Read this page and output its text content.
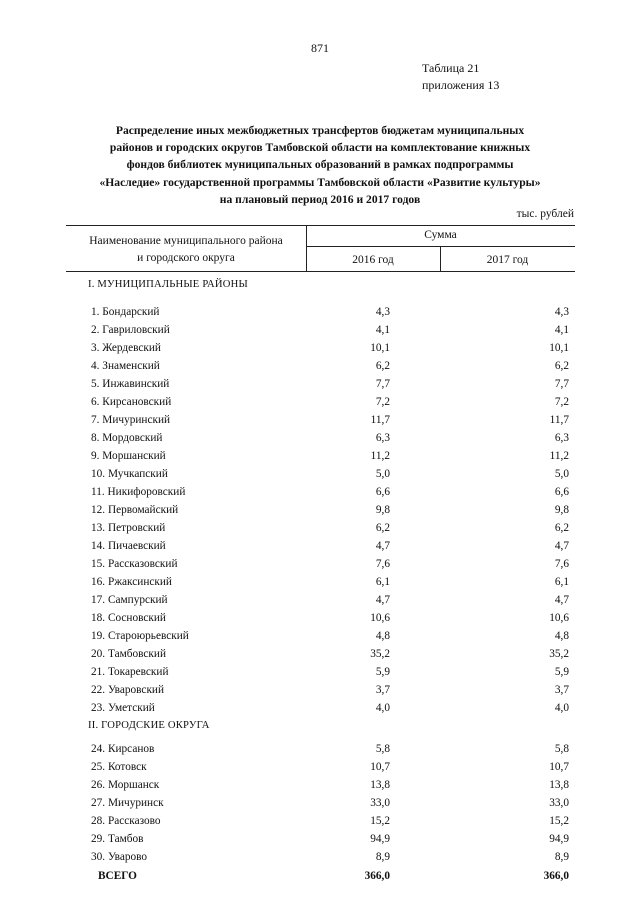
871
Таблица 21
приложения 13
Распределение иных межбюджетных трансфертов бюджетам муниципальных
районов и городских округов Тамбовской области на комплектование книжных
фондов библиотек муниципальных образований в рамках подпрограммы
«Наследие» государственной программы Тамбовской области «Развитие культуры»
на плановый период 2016 и 2017 годов
тыс. рублей
Наименование муниципального района
и городского округа
Сумма
2016 год	2017 год
I. МУНИЦИПАЛЬНЫЕ РАЙОНЫ
1. Бондарский	4,3	4,3
2. Гавриловский	4,1	4,1
3. Жердевский	10,1	10,1
4. Знаменский	6,2	6,2
5. Инжавинский	7,7	7,7
6. Кирсановский	7,2	7,2
7. Мичуринский	11,7	11,7
8. Мордовский	6,3	6,3
9. Моршанский	11,2	11,2
10. Мучкапский	5,0	5,0
11. Никифоровский	6,6	6,6
12. Первомайский	9,8	9,8
13. Петровский	6,2	6,2
14. Пичаевский	4,7	4,7
15. Рассказовский	7,6	7,6
16. Ржаксинский	6,1	6,1
17. Сампурский	4,7	4,7
18. Сосновский	10,6	10,6
19. Староюрьевский	4,8	4,8
20. Тамбовский	35,2	35,2
21. Токаревский	5,9	5,9
22. Уваровский	3,7	3,7
23. Уметский	4,0	4,0
II. ГОРОДСКИЕ ОКРУГА
24. Кирсанов	5,8	5,8
25. Котовск	10,7	10,7
26. Моршанск	13,8	13,8
27. Мичуринск	33,0	33,0
28. Рассказово	15,2	15,2
29. Тамбов	94,9	94,9
30. Уварово	8,9	8,9
ВСЕГО	366,0	366,0
